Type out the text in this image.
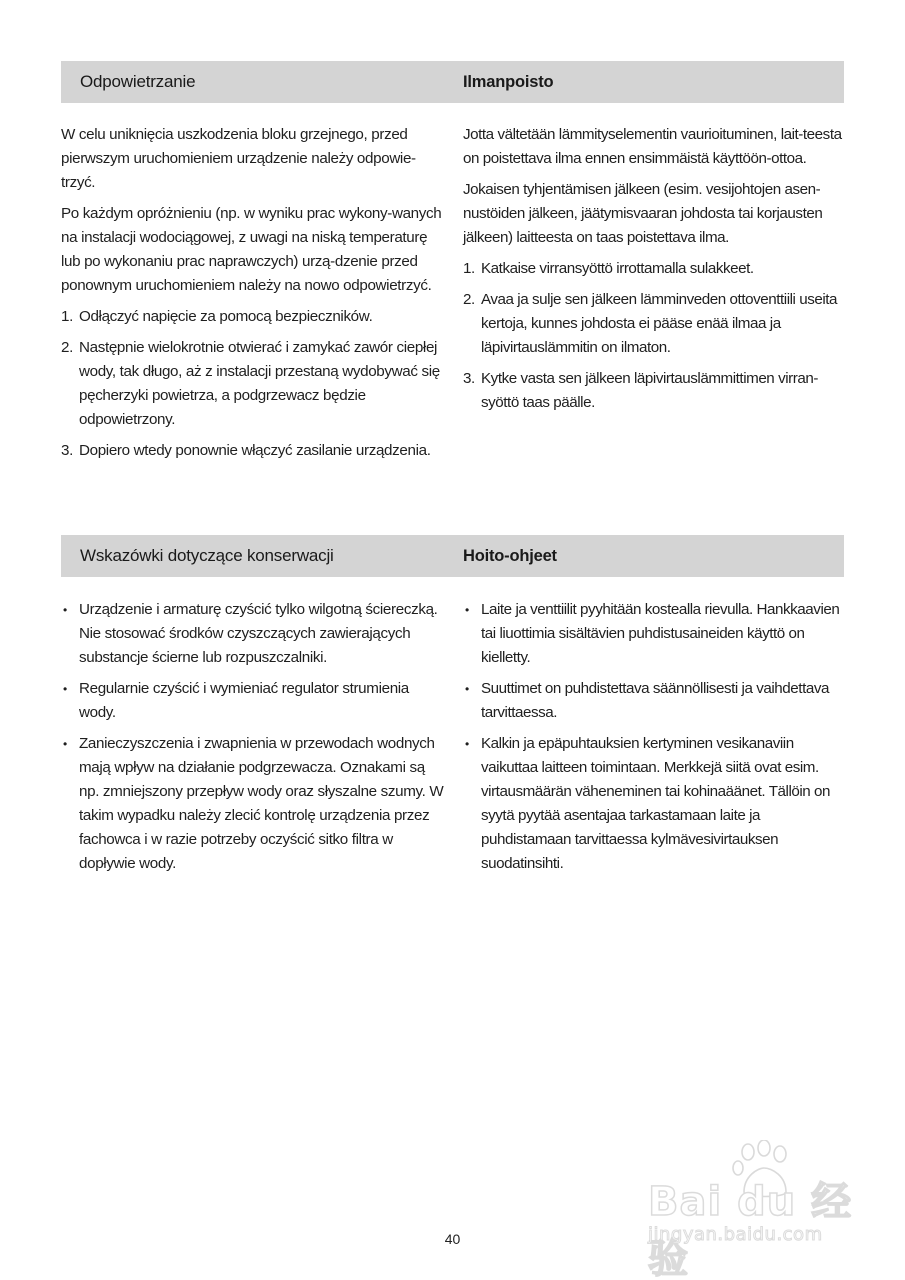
Odpowietrzanie	Ilmanpoisto

W celu uniknięcia uszkodzenia bloku grzejnego, przed pierwszym uruchomieniem urządzenie należy odpowie-trzyć.

Po każdym opróżnieniu (np. w wyniku prac wykony-wanych na instalacji wodociągowej, z uwagi na niską temperaturę lub po wykonaniu prac naprawczych) urzą-dzenie przed ponownym uruchomieniem należy na nowo odpowietrzyć.

1. Odłączyć napięcie za pomocą bezpieczników.
2. Następnie wielokrotnie otwierać i zamykać zawór ciepłej wody, tak długo, aż z instalacji przestaną wydobywać się pęcherzyki powietrza, a podgrzewacz będzie odpowietrzony.
3. Dopiero wtedy ponownie włączyć zasilanie urządzenia.

Jotta vältetään lämmityselementin vaurioituminen, lait-teesta on poistettava ilma ennen ensimmäistä käyttöön-ottoa.

Jokaisen tyhjentämisen jälkeen (esim. vesijohtojen asen-nustöiden jälkeen, jäätymisvaaran johdosta tai korjausten jälkeen) laitteesta on taas poistettava ilma.

1. Katkaise virransyöttö irrottamalla sulakkeet.
2. Avaa ja sulje sen jälkeen lämminveden ottoventtiili useita kertoja, kunnes johdosta ei pääse enää ilmaa ja läpivirtauslämmitin on ilmaton.
3. Kytke vasta sen jälkeen läpivirtauslämmittimen virran-syöttö taas päälle.
Wskazówki dotyczące konserwacji	Hoito-ohjeet
• Urządzenie i armaturę czyścić tylko wilgotną ściereczką. Nie stosować środków czyszczących zawierających substancje ścierne lub rozpuszczalniki.
• Regularnie czyścić i wymieniać regulator strumienia wody.
• Zanieczyszczenia i zwapnienia w przewodach wodnych mają wpływ na działanie podgrzewacza. Oznakami są np. zmniejszony przepływ wody oraz słyszalne szumy. W takim wypadku należy zlecić kontrolę urządzenia przez fachowca i w razie potrzeby oczyścić sitko filtra w dopływie wody.
• Laite ja venttiilit pyyhitään kostealla rievulla. Hankkaavien tai liuottimia sisältävien puhdistusaineiden käyttö on kielletty.
• Suuttimet on puhdistettava säännöllisesti ja vaihdettava tarvittaessa.
• Kalkin ja epäpuhtauksien kertyminen vesikanaviin vaikuttaa laitteen toimintaan. Merkkejä siitä ovat esim. virtausmäärän väheneminen tai kohinaäänet. Tällöin on syytä pyytää asentajaa tarkastamaan laite ja puhdistamaan tarvittaessa kylmävesivirtauksen suodatinsihti.
Bai du 经验
jingyan.baidu.com
40
